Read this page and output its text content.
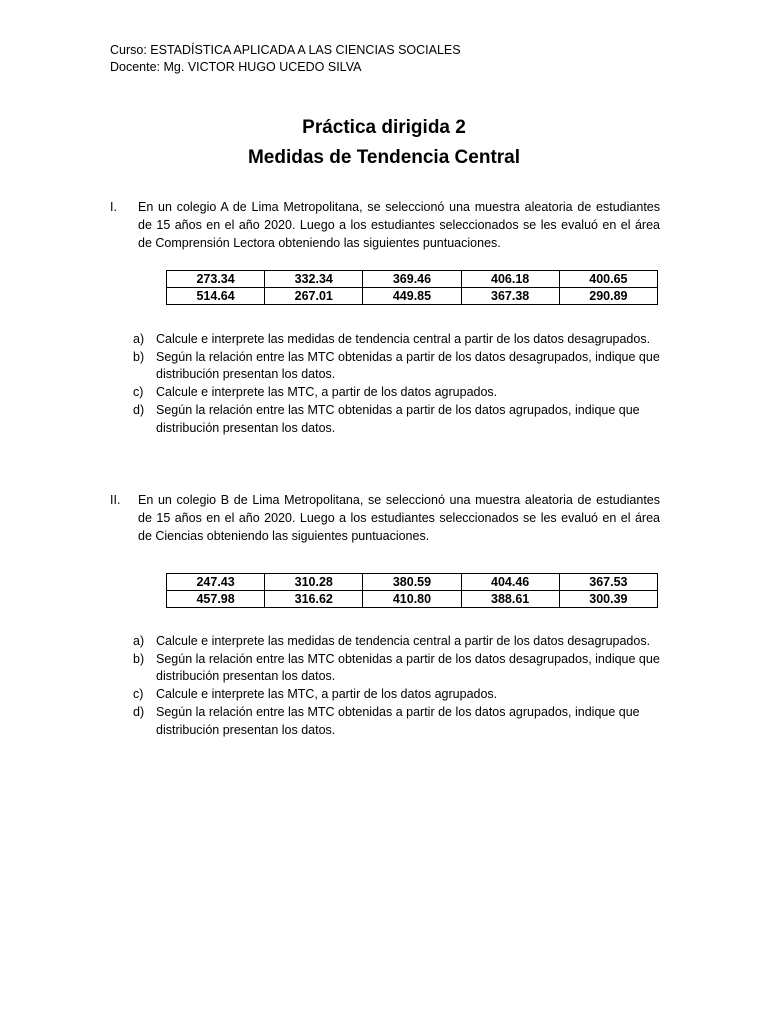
Curso: ESTADÍSTICA APLICADA A LAS CIENCIAS SOCIALES
Docente: Mg. VICTOR HUGO UCEDO SILVA
Práctica dirigida 2
Medidas de Tendencia Central
I. En un colegio A de Lima Metropolitana, se seleccionó una muestra aleatoria de estudiantes de 15 años en el año 2020. Luego a los estudiantes seleccionados se les evaluó en el área de Comprensión Lectora obteniendo las siguientes puntuaciones.
273.34	332.34	369.46	406.18	400.65
514.64	267.01	449.85	367.38	290.89
a) Calcule e interprete las medidas de tendencia central a partir de los datos desagrupados.
b) Según la relación entre las MTC obtenidas a partir de los datos desagrupados, indique que distribución presentan los datos.
c) Calcule e interprete las MTC, a partir de los datos agrupados.
d) Según la relación entre las MTC obtenidas a partir de los datos agrupados, indique que distribución presentan los datos.
II. En un colegio B de Lima Metropolitana, se seleccionó una muestra aleatoria de estudiantes de 15 años en el año 2020. Luego a los estudiantes seleccionados se les evaluó en el área de Ciencias obteniendo las siguientes puntuaciones.
247.43	310.28	380.59	404.46	367.53
457.98	316.62	410.80	388.61	300.39
a) Calcule e interprete las medidas de tendencia central a partir de los datos desagrupados.
b) Según la relación entre las MTC obtenidas a partir de los datos desagrupados, indique que distribución presentan los datos.
c) Calcule e interprete las MTC, a partir de los datos agrupados.
d) Según la relación entre las MTC obtenidas a partir de los datos agrupados, indique que distribución presentan los datos.
